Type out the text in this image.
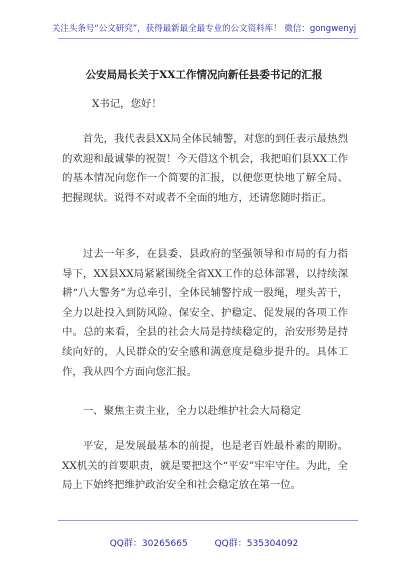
关注头条号“公文研究”，获得最新最全最专业的公文资料库！ 微信：gongwenyj
公安局局长关于XX工作情况向新任县委书记的汇报
X书记，您好！
首先，我代表县XX局全体民辅警，对您的到任表示最热烈的欢迎和最诚挚的祝贺！今天借这个机会，我把咱们县XX工作的基本情况向您作一个简要的汇报，以便您更快地了解全局、把握现状。说得不对或者不全面的地方，还请您随时指正。
过去一年多，在县委、县政府的坚强领导和市局的有力指导下，XX县XX局紧紧围绕全省XX工作的总体部署，以持续深耕“八大警务”为总牵引，全体民辅警拧成一股绳，埋头苦干，全力以赴投入到防风险、保安全、护稳定、促发展的各项工作中。总的来看，全县的社会大局是持续稳定的，治安形势是持续向好的，人民群众的安全感和满意度是稳步提升的。具体工作，我从四个方面向您汇报。
一、聚焦主责主业，全力以赴维护社会大局稳定
平安，是发展最基本的前提，也是老百姓最朴素的期盼。XX机关的首要职责，就是要把这个“平安”牢牢守住。为此，全局上下始终把维护政治安全和社会稳定放在第一位。
QQ群：30265665	QQ群：535304092
